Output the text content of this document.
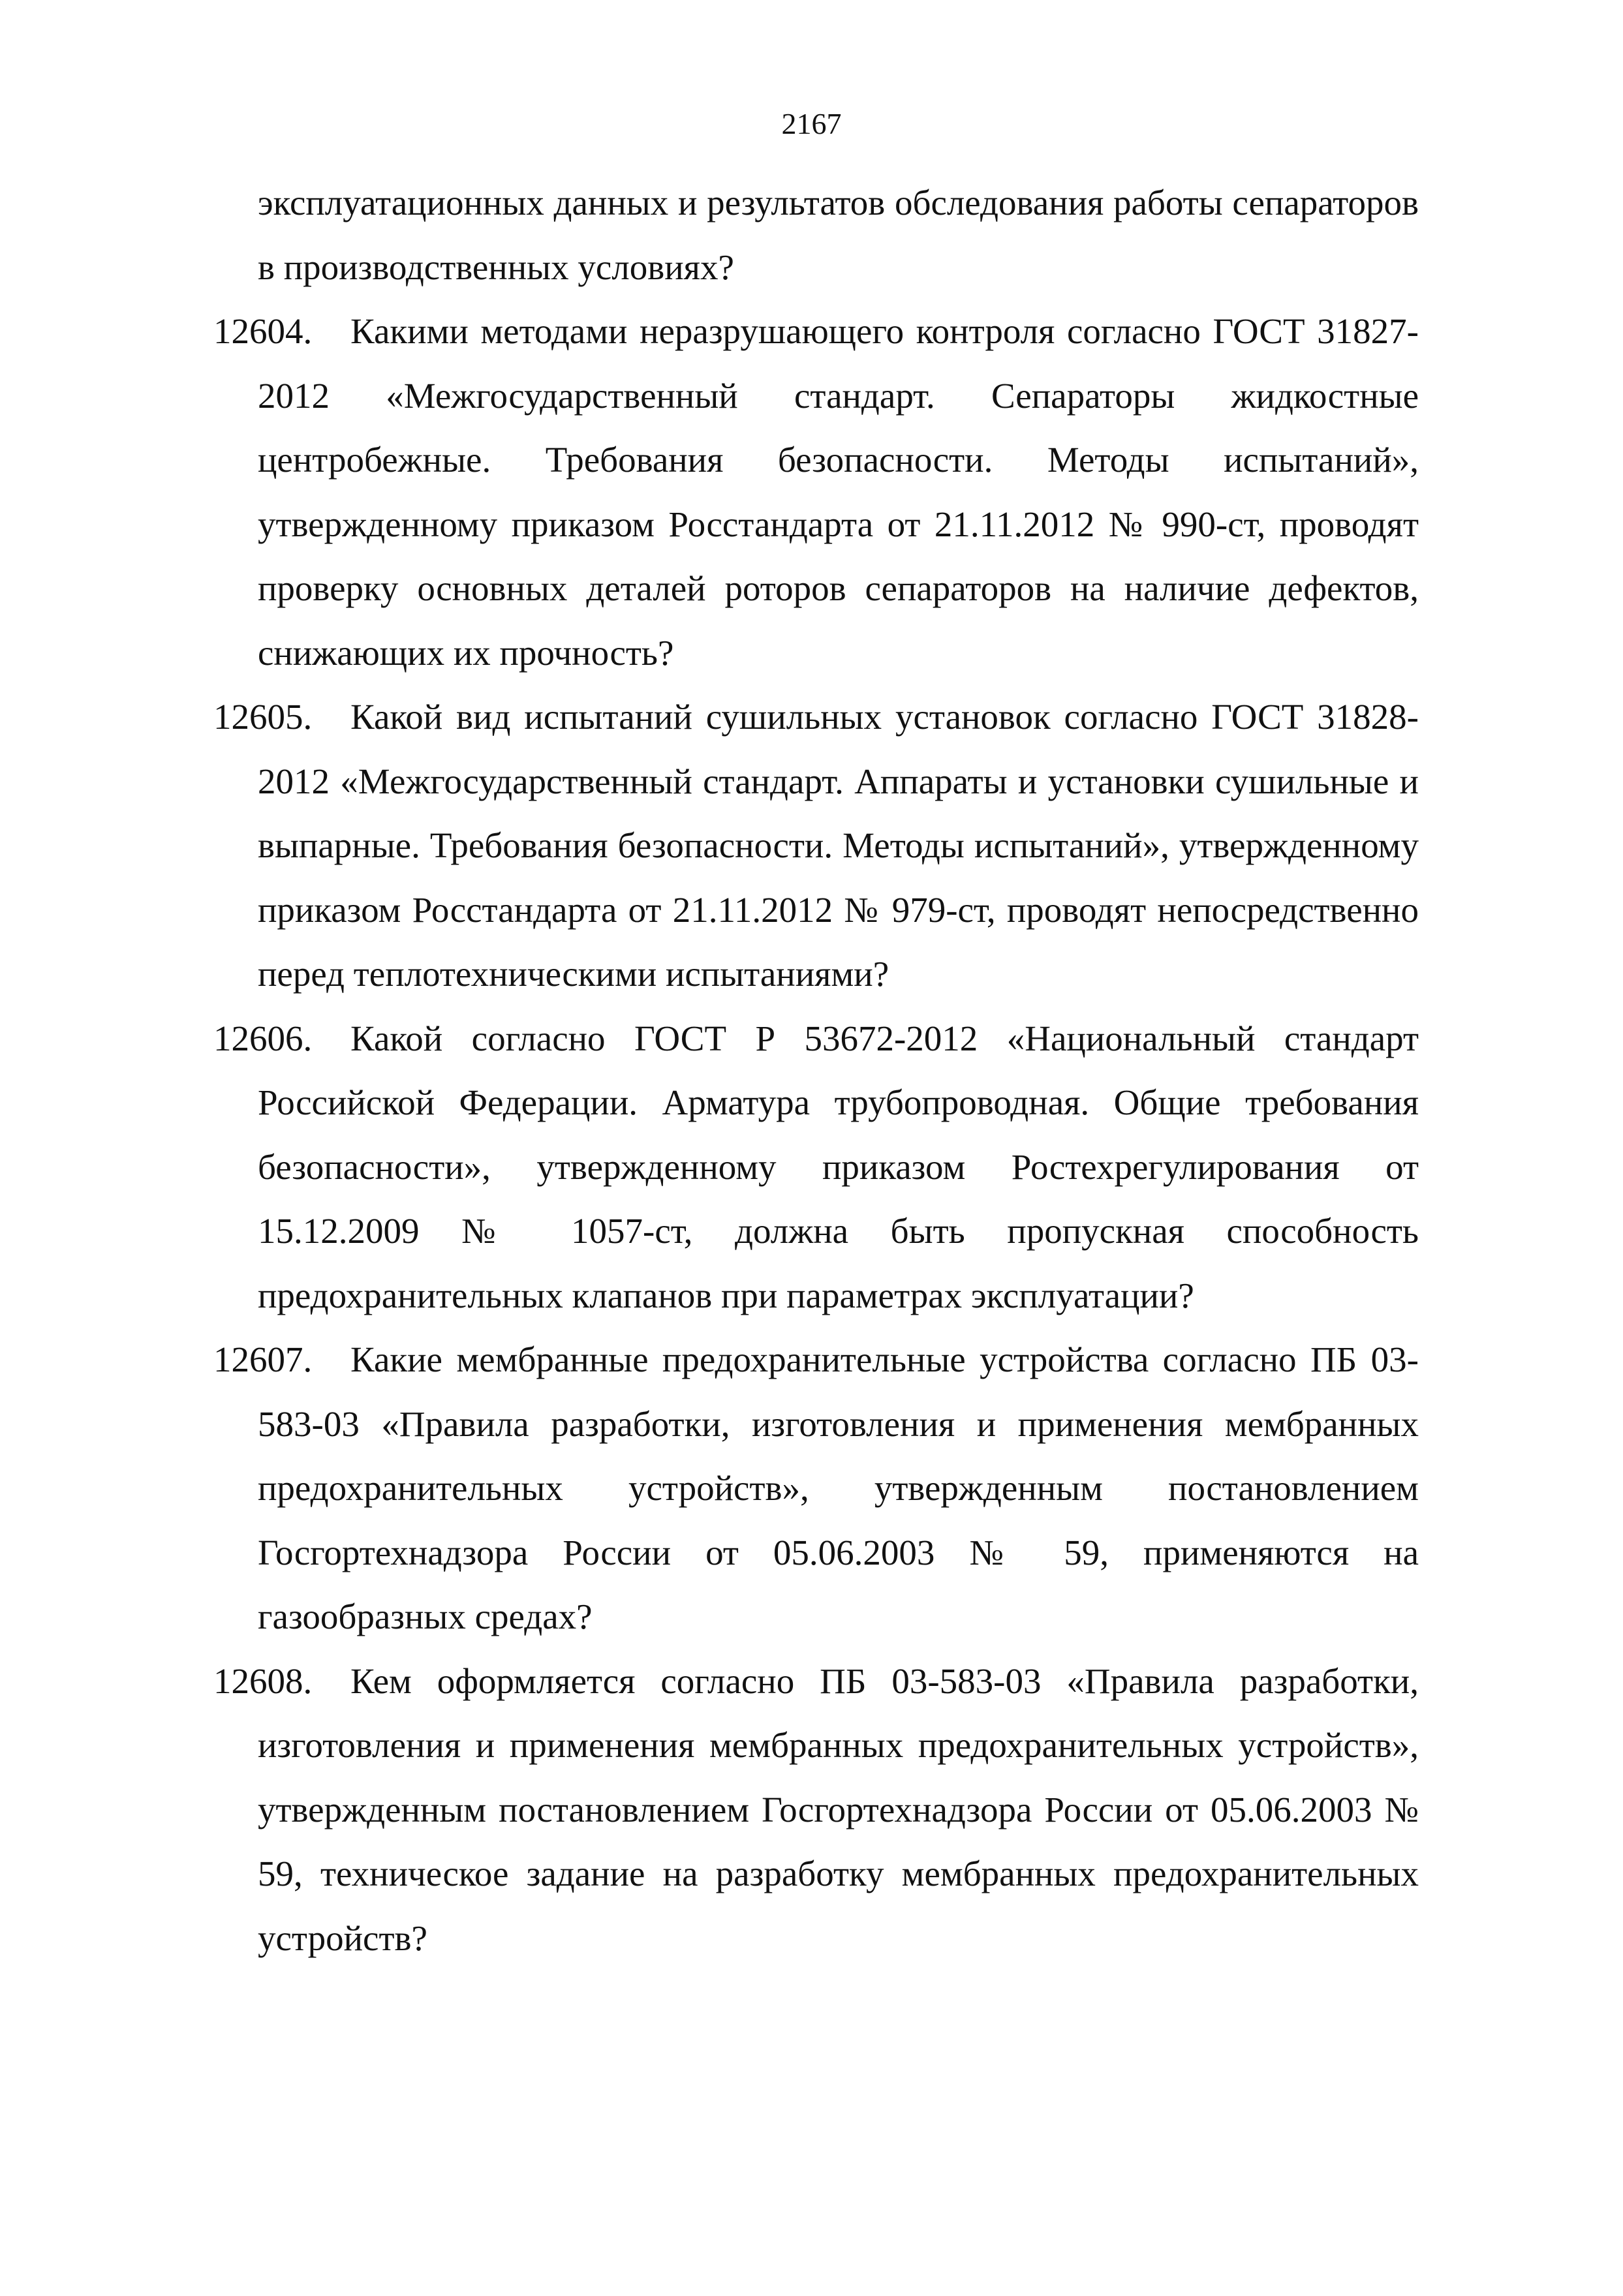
2167

эксплуатационных данных и результатов обследования работы сепараторов в производственных условиях?

12604.	Какими методами неразрушающего контроля согласно ГОСТ 31827-2012 «Межгосударственный стандарт. Сепараторы жидкостные центробежные. Требования безопасности. Методы испытаний», утвержденному приказом Росстандарта от 21.11.2012 № 990-ст, проводят проверку основных деталей роторов сепараторов на наличие дефектов, снижающих их прочность?

12605.	Какой вид испытаний сушильных установок согласно ГОСТ 31828-2012 «Межгосударственный стандарт. Аппараты и установки сушильные и выпарные. Требования безопасности. Методы испытаний», утвержденному приказом Росстандарта от 21.11.2012 № 979-ст, проводят непосредственно перед теплотехническими испытаниями?

12606.	Какой согласно ГОСТ Р 53672-2012 «Национальный стандарт Российской Федерации. Арматура трубопроводная. Общие требования безопасности», утвержденному приказом Ростехрегулирования от 15.12.2009 № 1057-ст, должна быть пропускная способность предохранительных клапанов при параметрах эксплуатации?

12607.	Какие мембранные предохранительные устройства согласно ПБ 03-583-03 «Правила разработки, изготовления и применения мембранных предохранительных устройств», утвержденным постановлением Госгортехнадзора России от 05.06.2003 № 59, применяются на газообразных средах?

12608.	Кем оформляется согласно ПБ 03-583-03 «Правила разработки, изготовления и применения мембранных предохранительных устройств», утвержденным постановлением Госгортехнадзора России от 05.06.2003 № 59, техническое задание на разработку мембранных предохранительных устройств?
